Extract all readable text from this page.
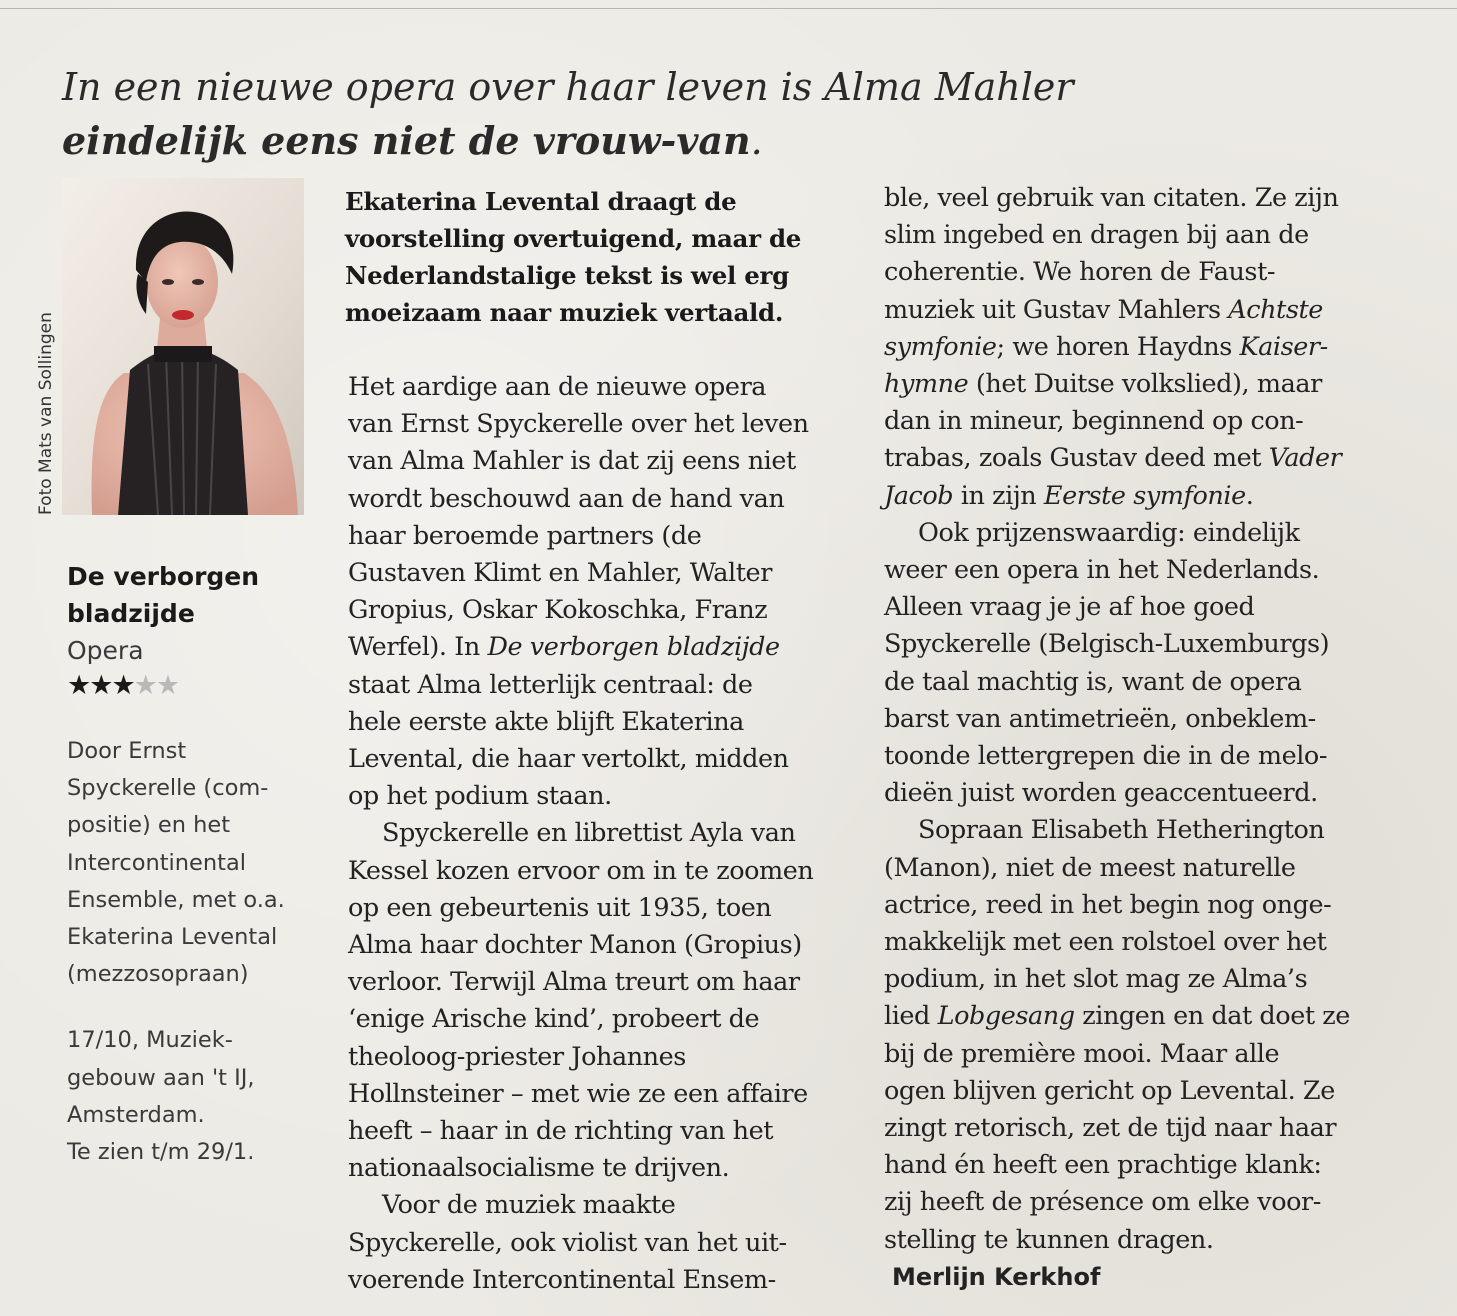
In een nieuwe opera over haar leven is Alma Mahler
eindelijk eens niet de vrouw-van.
Foto Mats van Sollingen
De verborgen
bladzijde
Opera
★★★★★
Door Ernst
Spyckerelle (com-
positie) en het
Intercontinental
Ensemble, met o.a.
Ekaterina Levental
(mezzosopraan)
17/10, Muziek-
gebouw aan 't IJ,
Amsterdam.
Te zien t/m 29/1.
Ekaterina Levental draagt de
voorstelling overtuigend, maar de
Nederlandstalige tekst is wel erg
moeizaam naar muziek vertaald.
Het aardige aan de nieuwe opera
van Ernst Spyckerelle over het leven
van Alma Mahler is dat zij eens niet
wordt beschouwd aan de hand van
haar beroemde partners (de
Gustaven Klimt en Mahler, Walter
Gropius, Oskar Kokoschka, Franz
Werfel). In De verborgen bladzijde
staat Alma letterlijk centraal: de
hele eerste akte blijft Ekaterina
Levental, die haar vertolkt, midden
op het podium staan.
Spyckerelle en librettist Ayla van
Kessel kozen ervoor om in te zoomen
op een gebeurtenis uit 1935, toen
Alma haar dochter Manon (Gropius)
verloor. Terwijl Alma treurt om haar
‘enige Arische kind’, probeert de
theoloog-priester Johannes
Hollnsteiner – met wie ze een affaire
heeft – haar in de richting van het
nationaalsocialisme te drijven.
Voor de muziek maakte
Spyckerelle, ook violist van het uit-
voerende Intercontinental Ensem-
ble, veel gebruik van citaten. Ze zijn
slim ingebed en dragen bij aan de
coherentie. We horen de Faust-
muziek uit Gustav Mahlers Achtste
symfonie; we horen Haydns Kaiser-
hymne (het Duitse volkslied), maar
dan in mineur, beginnend op con-
trabas, zoals Gustav deed met Vader
Jacob in zijn Eerste symfonie.
Ook prijzenswaardig: eindelijk
weer een opera in het Nederlands.
Alleen vraag je je af hoe goed
Spyckerelle (Belgisch-Luxemburgs)
de taal machtig is, want de opera
barst van antimetrieën, onbeklem-
toonde lettergrepen die in de melo-
dieën juist worden geaccentueerd.
Sopraan Elisabeth Hetherington
(Manon), niet de meest naturelle
actrice, reed in het begin nog onge-
makkelijk met een rolstoel over het
podium, in het slot mag ze Alma’s
lied Lobgesang zingen en dat doet ze
bij de première mooi. Maar alle
ogen blijven gericht op Levental. Ze
zingt retorisch, zet de tijd naar haar
hand én heeft een prachtige klank:
zij heeft de présence om elke voor-
stelling te kunnen dragen.
Merlijn Kerkhof
